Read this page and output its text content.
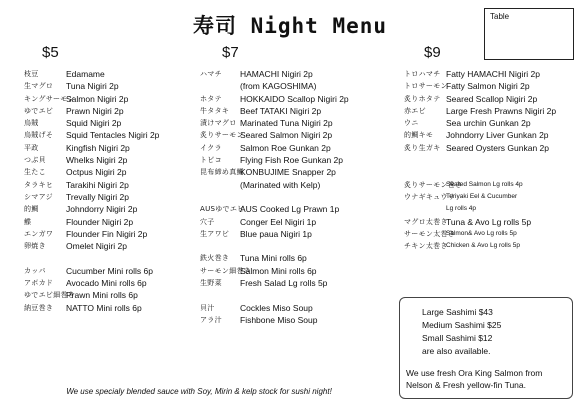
寿司 Night Menu	Table
$5	$7	$9
枝豆	Edamame
生マグロ Tuna Nigiri 2p
キングサーモン
Salmon Nigiri 2p
ゆでエビ Prawn Nigiri 2p
烏賊	Squid Nigiri 2p
烏賊げそ Squid Tentacles Nigiri 2p
平政	Kingfish Nigiri 2p
つぶ貝 Whelks Nigiri 2p
生たこ Octpus Nigiri 2p
タラキヒ Tarakihi Nigiri 2p
シマアジ Trevally Nigiri 2p
的鯛	Johndorry Nigiri 2p
鰈	Flounder Nigiri 2p
エンガワ Flounder Fin Nigiri 2p
卵焼き Omelet Nigiri 2p
カッパ Cucumber Mini rolls 6p
アボカド Avocado Mini rolls 6p
ゆでエビ細巻き
Prawn Mini rolls 6p
納豆巻き NATTO Mini rolls 6p
ハマチ HAMACHI Nigiri 2p
(from KAGOSHIMA)
ホタテ HOKKAIDO Scallop Nigiri 2p
牛タタキ Beef TATAKI Nigiri 2p
漬けマグロ Marinated Tuna Nigiri 2p
炙りサーモン
Seared Salmon Nigiri 2p
イクラ Salmon Roe Gunkan 2p
トビコ Flying Fish Roe Gunkan 2p
昆布締め真鯛
KONBUJIME Snapper 2p
(Marinated with Kelp)
AUSゆでエビ
AUS Cooked Lg Prawn 1p
穴子	Conger Eel Nigiri 1p
生アワビ Blue paua Nigiri 1p
鉄火巻き Tuna Mini rolls 6p
サーモン細巻き
Salmon Mini rolls 6p
生野菜 Fresh Salad Lg rolls 5p
貝汁	Cockles Miso Soup
アラ汁 Fishbone Miso Soup
トロハマチ Fatty HAMACHI Nigiri 2p
トロサーモン
Fatty Salmon Nigiri 2p
炙りホタテ Seared Scallop Nigiri 2p
赤エビ Large Fresh Prawns Nigiri 2p
ウニ	Sea urchin Gunkan 2p
的鯛キモ Johndorry Liver Gunkan 2p
炙り生ガキ Seared Oysters Gunkan 2p
炙りサーモン巻き
Seared Salmon Lg rolls 4p
ウナギキュウリ
Teriyaki Eel & Cucumber
Lg rolls 4p
マグロ太巻き
Tuna & Avo Lg rolls 5p
サーモン太巻き
Salmon& Avo Lg rolls 5p
チキン太巻き
Chicken & Avo Lg rolls 5p
Large Sashimi $43
Medium Sashimi $25
Small Sashimi $12
are also available.
We use fresh Ora King Salmon from
Nelson & Fresh yellow-fin Tuna.
We use specialy blended sauce with Soy, Mirin & kelp stock for sushi night!
